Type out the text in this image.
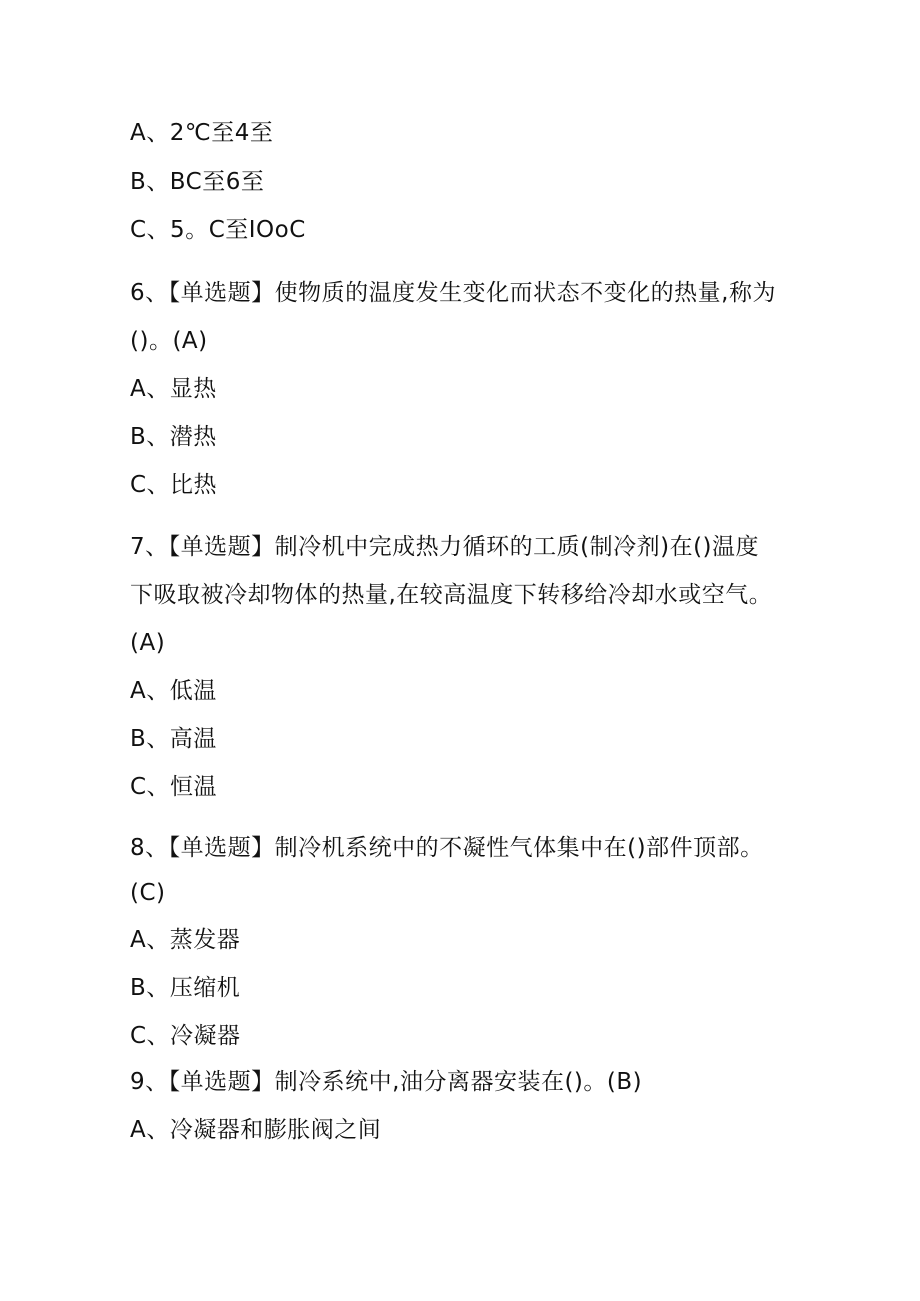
A、2℃至4至
B、BC至6至
C、5。C至IOoC
6、【单选题】使物质的温度发生变化而状态不变化的热量,称为
()。(A)
A、显热
B、潜热
C、比热
7、【单选题】制冷机中完成热力循环的工质(制冷剂)在()温度
下吸取被冷却物体的热量,在较高温度下转移给冷却水或空气。
(A)
A、低温
B、高温
C、恒温
8、【单选题】制冷机系统中的不凝性气体集中在()部件顶部。
(C)
A、蒸发器
B、压缩机
C、冷凝器
9、【单选题】制冷系统中,油分离器安装在()。(B)
A、冷凝器和膨胀阀之间
